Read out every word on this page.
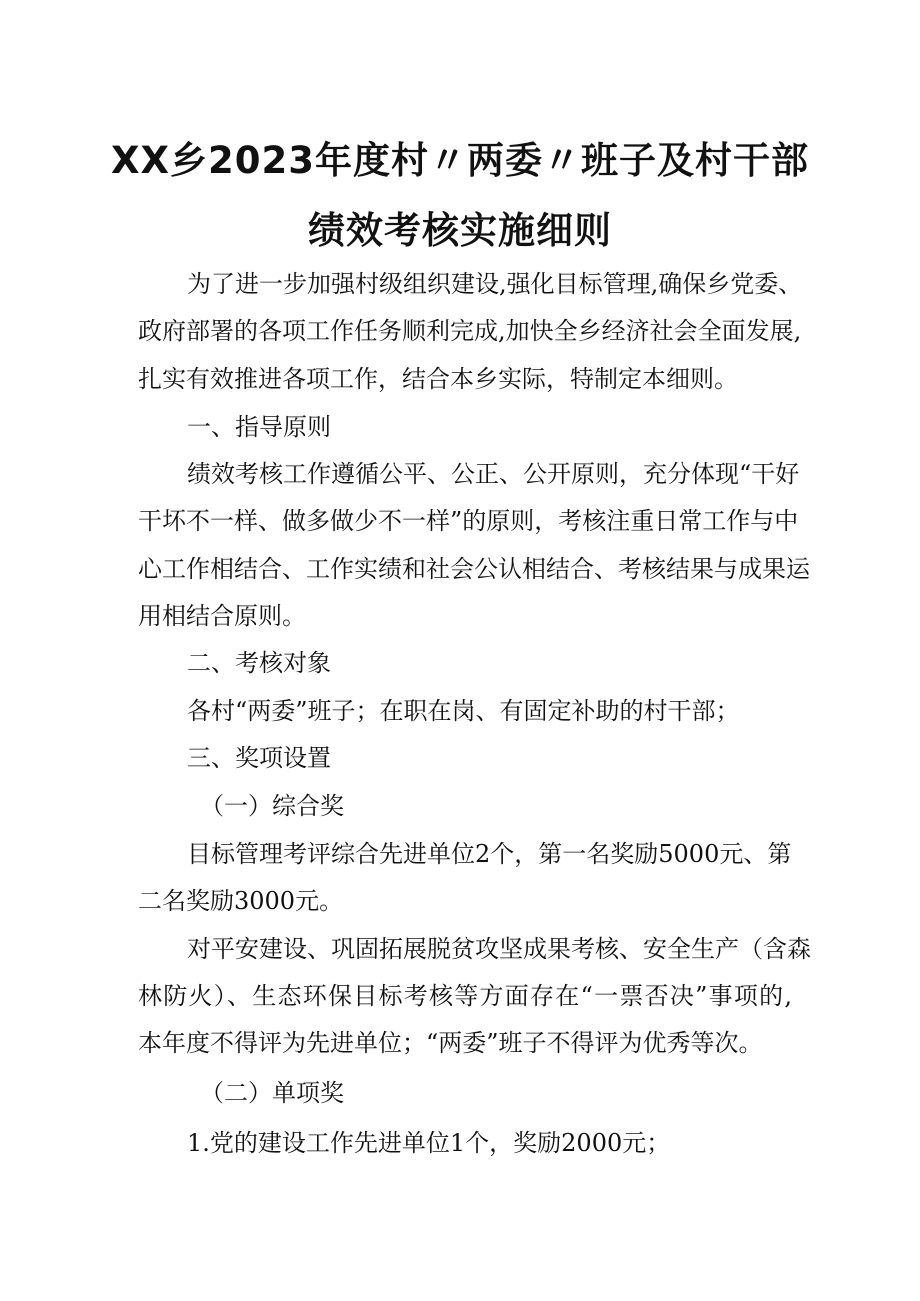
XX乡2023年度村〃两委〃班子及村干部
绩效考核实施细则
为了进一步加强村级组织建设,强化目标管理,确保乡党委、
政府部署的各项工作任务顺利完成,加快全乡经济社会全面发展,
扎实有效推进各项工作，结合本乡实际，特制定本细则。
一、指导原则
绩效考核工作遵循公平、公正、公开原则，充分体现“干好
干坏不一样、做多做少不一样”的原则，考核注重日常工作与中
心工作相结合、工作实绩和社会公认相结合、考核结果与成果运
用相结合原则。
二、考核对象
各村“两委”班子；在职在岗、有固定补助的村干部；
三、奖项设置
（一）综合奖
目标管理考评综合先进单位2个，第一名奖励5000元、第
二名奖励3000元。
对平安建设、巩固拓展脱贫攻坚成果考核、安全生产（含森
林防火）、生态环保目标考核等方面存在“一票否决”事项的,
本年度不得评为先进单位；“两委”班子不得评为优秀等次。
（二）单项奖
1.党的建设工作先进单位1个，奖励2000元；
